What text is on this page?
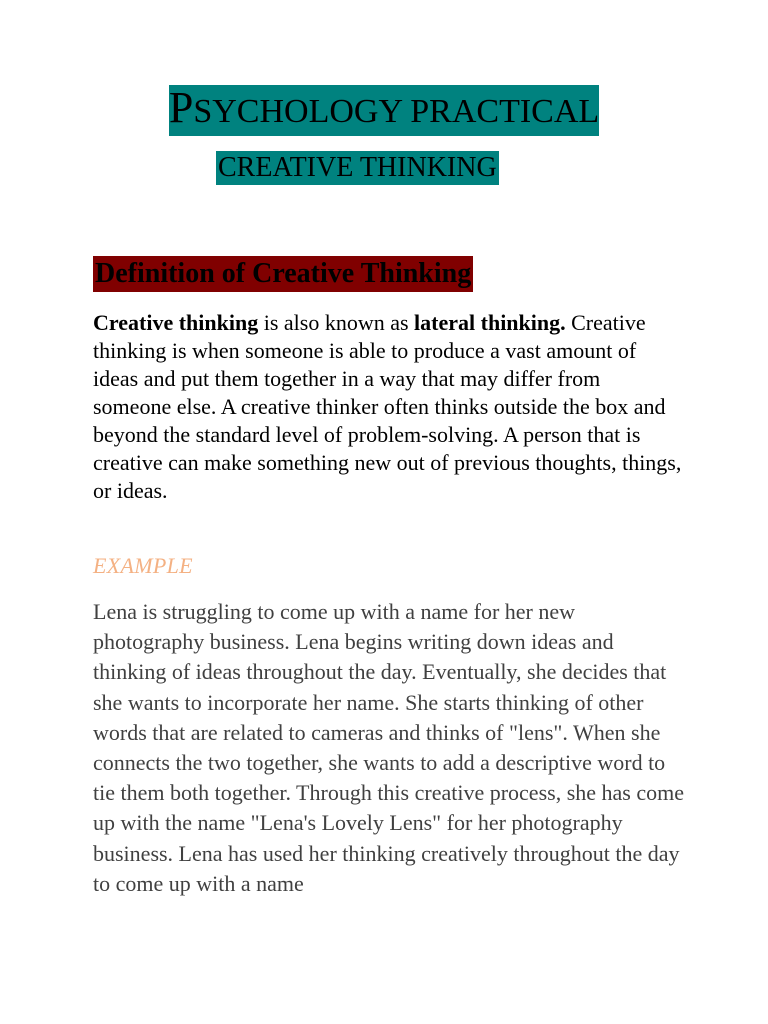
PSYCHOLOGY PRACTICAL
CREATIVE THINKING
Definition of Creative Thinking

Creative thinking is also known as lateral thinking. Creative thinking is when someone is able to produce a vast amount of ideas and put them together in a way that may differ from someone else. A creative thinker often thinks outside the box and beyond the standard level of problem-solving. A person that is creative can make something new out of previous thoughts, things, or ideas.

EXAMPLE

Lena is struggling to come up with a name for her new photography business. Lena begins writing down ideas and thinking of ideas throughout the day. Eventually, she decides that she wants to incorporate her name. She starts thinking of other words that are related to cameras and thinks of "lens". When she connects the two together, she wants to add a descriptive word to tie them both together. Through this creative process, she has come up with the name "Lena's Lovely Lens" for her photography business. Lena has used her thinking creatively throughout the day to come up with a name
